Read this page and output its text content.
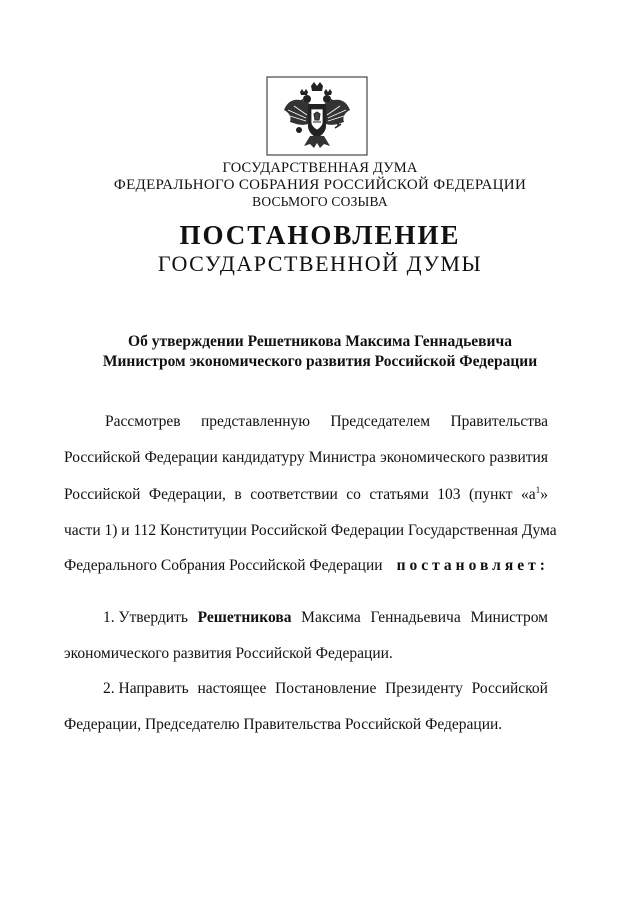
ГОСУДАРСТВЕННАЯ ДУМА
ФЕДЕРАЛЬНОГО СОБРАНИЯ РОССИЙСКОЙ ФЕДЕРАЦИИ
ВОСЬМОГО СОЗЫВА
ПОСТАНОВЛЕНИЕ
ГОСУДАРСТВЕННОЙ ДУМЫ
Об утверждении Решетникова Максима Геннадьевича
Министром экономического развития Российской Федерации
Рассмотрев представленную Председателем Правительства
Российской Федерации кандидатуру Министра экономического развития
Российской Федерации, в соответствии со статьями 103 (пункт «$а^1$»
части 1) и 112 Конституции Российской Федерации Государственная Дума
Федерального Собрания Российской Федерации постановляет:
1. Утвердить Решетникова Максима Геннадьевича Министром
экономического развития Российской Федерации.
2. Направить настоящее Постановление Президенту Российской
Федерации, Председателю Правительства Российской Федерации.
